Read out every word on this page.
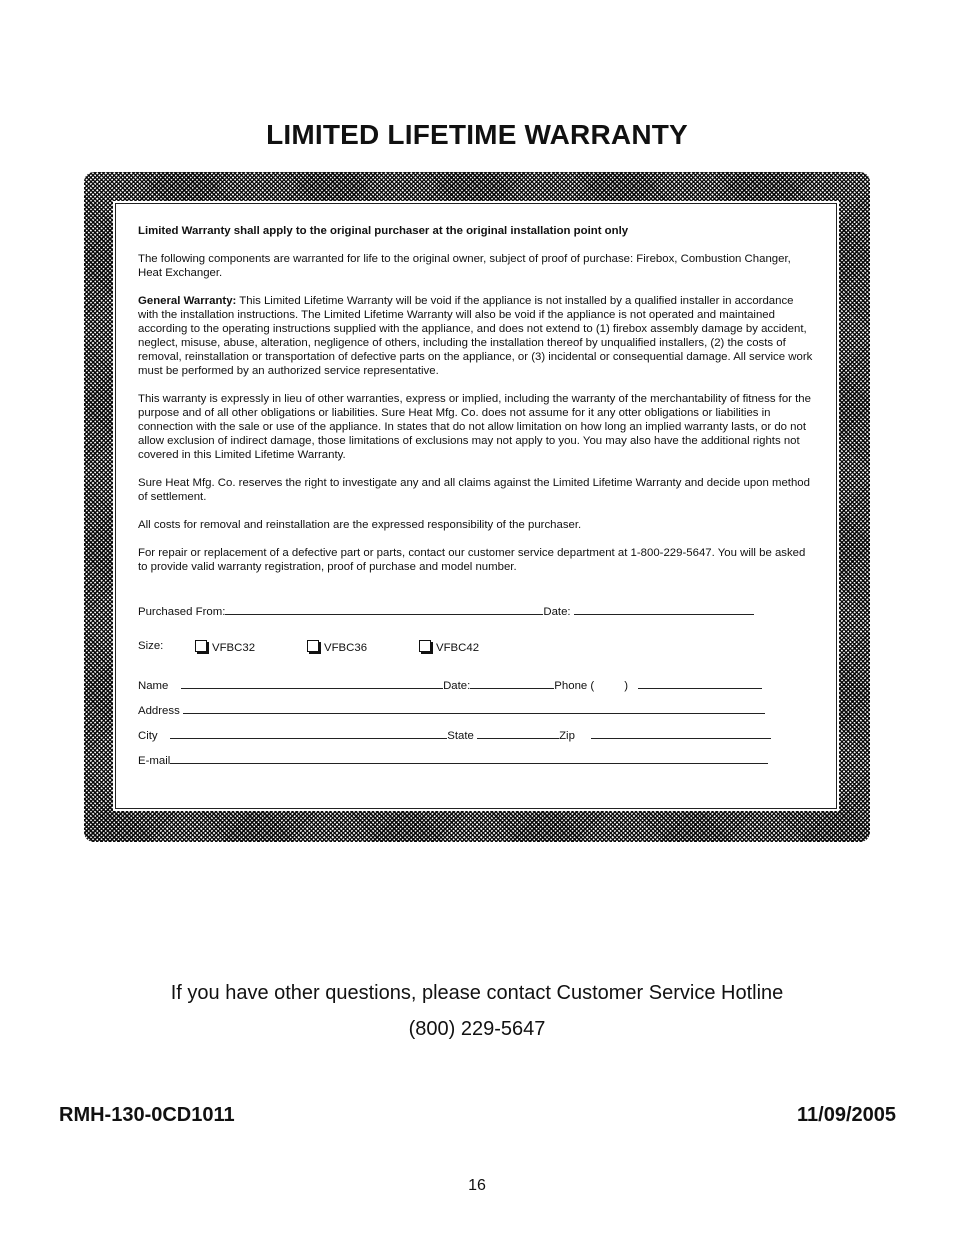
LIMITED LIFETIME WARRANTY

Limited Warranty shall apply to the original purchaser at the original installation point only

The following components are warranted for life to the original owner, subject of proof of purchase: Firebox, Combustion Changer, Heat Exchanger.

General Warranty: This Limited Lifetime Warranty will be void if the appliance is not installed by a qualified installer in accordance with the installation instructions. The Limited Lifetime Warranty will also be void if the appliance is not operated and maintained according to the operating instructions supplied with the appliance, and does not extend to (1) firebox assembly damage by accident, neglect, misuse, abuse, alteration, negligence of others, including the installation thereof by unqualified installers, (2) the costs of removal, reinstallation or transportation of defective parts on the appliance, or (3) incidental or consequential damage. All service work must be performed by an authorized service representative.

This warranty is expressly in lieu of other warranties, express or implied, including the warranty of the merchantability of fitness for the purpose and of all other obligations or liabilities. Sure Heat Mfg. Co. does not assume for it any otter obligations or liabilities in connection with the sale or use of the appliance. In states that do not allow limitation on how long an implied warranty lasts, or do not allow exclusion of indirect damage, those limitations of exclusions may not apply to you. You may also have the additional rights not covered in this Limited Lifetime Warranty.

Sure Heat Mfg. Co. reserves the right to investigate any and all claims against the Limited Lifetime Warranty and decide upon method of settlement.

All costs for removal and reinstallation are the expressed responsibility of the purchaser.

For repair or replacement of a defective part or parts, contact our customer service department at 1-800-229-5647. You will be asked to provide valid warranty registration, proof of purchase and model number.

Purchased From:	Date:
Size:	VFBC32	VFBC36	VFBC42
Name	Date:	Phone (	)
Address
City	State	Zip
E-mail
If you have other questions, please contact Customer Service Hotline
(800) 229-5647
RMH-130-0CD1011	11/09/2005
16
